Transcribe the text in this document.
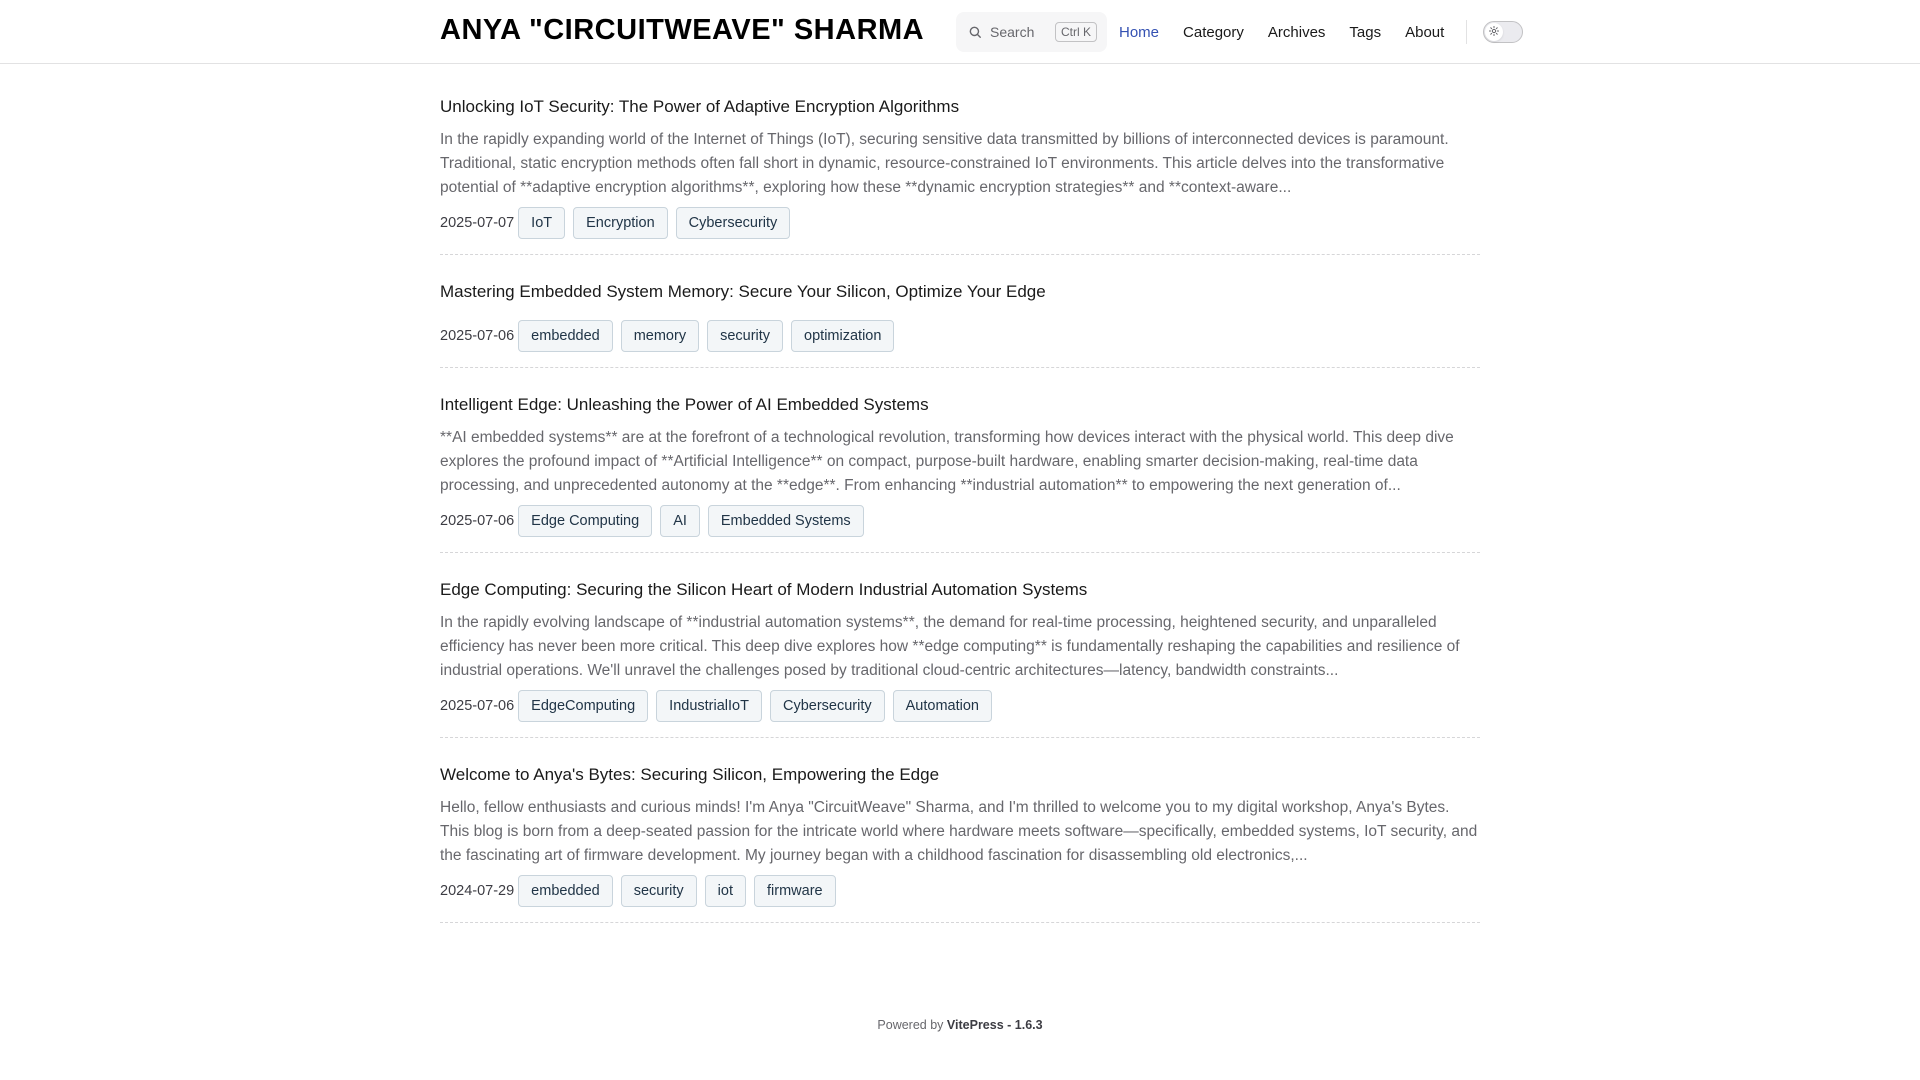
ANYA "CIRCUITWEAVE" SHARMA	Search	Ctrl K	Home Category Archives Tags About
Unlocking IoT Security: The Power of Adaptive Encryption Algorithms

In the rapidly expanding world of the Internet of Things (IoT), securing sensitive data transmitted by billions of interconnected devices is paramount. Traditional, static encryption methods often fall short in dynamic, resource-constrained IoT environments. This article delves into the transformative potential of **adaptive encryption algorithms**, exploring how these **dynamic encryption strategies** and **context-aware...

2025-07-07	IoT	Encryption	Cybersecurity
Mastering Embedded System Memory: Secure Your Silicon, Optimize Your Edge
2025-07-06	embedded	memory	security	optimization
Intelligent Edge: Unleashing the Power of AI Embedded Systems

**AI embedded systems** are at the forefront of a technological revolution, transforming how devices interact with the physical world. This deep dive explores the profound impact of **Artificial Intelligence** on compact, purpose-built hardware, enabling smarter decision-making, real-time data processing, and unprecedented autonomy at the **edge**. From enhancing **industrial automation** to empowering the next generation of...

2025-07-06	Edge Computing	AI	Embedded Systems
Edge Computing: Securing the Silicon Heart of Modern Industrial Automation Systems

In the rapidly evolving landscape of **industrial automation systems**, the demand for real-time processing, heightened security, and unparalleled efficiency has never been more critical. This deep dive explores how **edge computing** is fundamentally reshaping the capabilities and resilience of industrial operations. We'll unravel the challenges posed by traditional cloud-centric architectures—latency, bandwidth constraints...

2025-07-06	EdgeComputing	IndustrialIoT	Cybersecurity	Automation
Welcome to Anya's Bytes: Securing Silicon, Empowering the Edge

Hello, fellow enthusiasts and curious minds! I'm Anya "CircuitWeave" Sharma, and I'm thrilled to welcome you to my digital workshop, Anya's Bytes. This blog is born from a deep-seated passion for the intricate world where hardware meets software—specifically, embedded systems, IoT security, and the fascinating art of firmware development. My journey began with a childhood fascination for disassembling old electronics,...

2024-07-29	embedded	security	iot	firmware
Powered by VitePress - 1.6.3
